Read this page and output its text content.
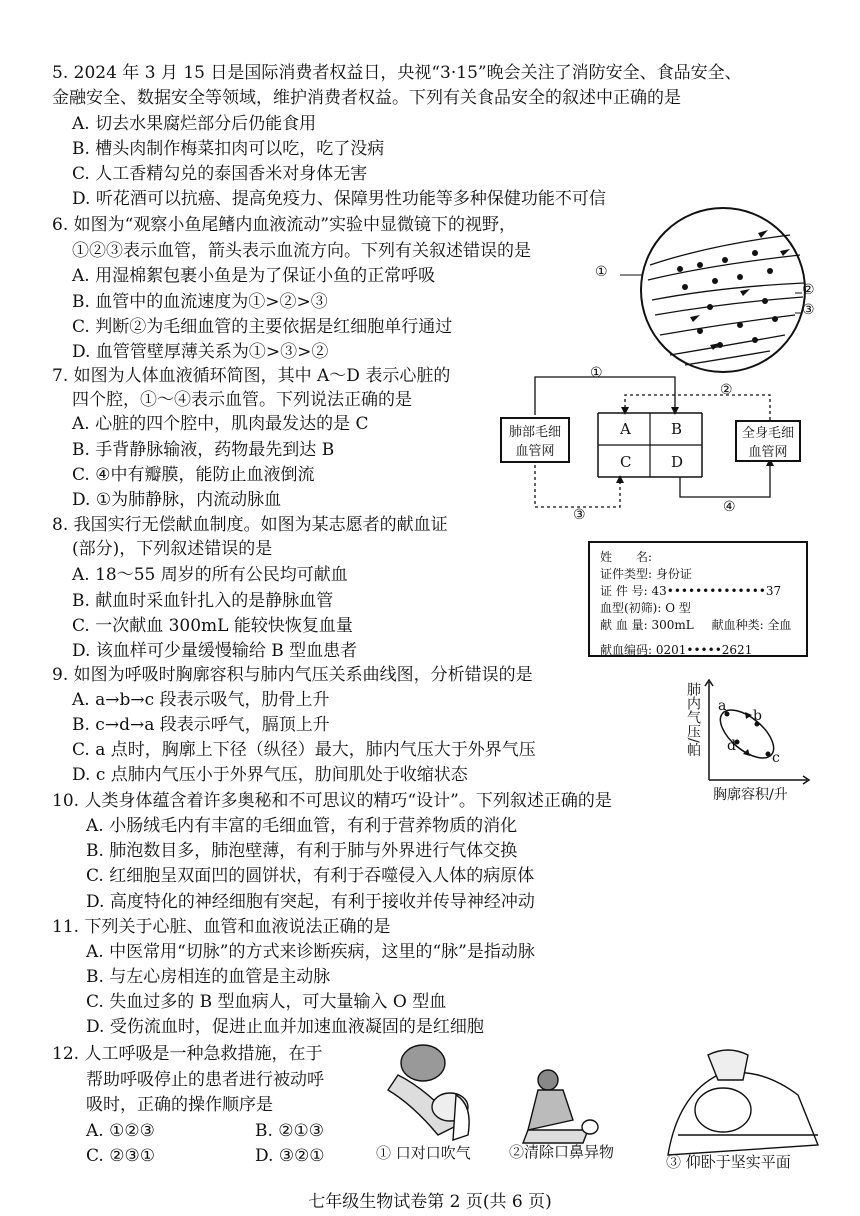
5. 2024 年 3 月 15 日是国际消费者权益日，央视“3·15”晚会关注了消防安全、食品安全、
金融安全、数据安全等领域，维护消费者权益。下列有关食品安全的叙述中正确的是
A. 切去水果腐烂部分后仍能食用
B. 槽头肉制作梅菜扣肉可以吃，吃了没病
C. 人工香精勾兑的泰国香米对身体无害
D. 听花酒可以抗癌、提高免疫力、保障男性功能等多种保健功能不可信
6. 如图为“观察小鱼尾鳍内血液流动”实验中显微镜下的视野，
①②③表示血管，箭头表示血流方向。下列有关叙述错误的是
A. 用湿棉絮包裹小鱼是为了保证小鱼的正常呼吸
B. 血管中的血流速度为①>②>③
C. 判断②为毛细血管的主要依据是红细胞单行通过
D. 血管管壁厚薄关系为①>③>②
①
②
③
7. 如图为人体血液循环简图，其中 A～D 表示心脏的
四个腔，①～④表示血管。下列说法正确的是
A. 心脏的四个腔中，肌肉最发达的是 C
B. 手背静脉输液，药物最先到达 B
C. ④中有瓣膜，能防止血液倒流
D. ①为肺静脉，内流动脉血
肺部毛细
血管网
全身毛细
血管网
A	B
C	D
①
②
③	④
8. 我国实行无偿献血制度。如图为某志愿者的献血证
(部分)，下列叙述错误的是
A. 18～55 周岁的所有公民均可献血
B. 献血时采血针扎入的是静脉血管
C. 一次献血 300mL 能较快恢复血量
D. 该血样可少量缓慢输给 B 型血患者
姓　　名:
证件类型: 身份证
证 件 号: 43••••••••••••••37
血型(初筛): O 型
献 血 量: 300mL 献血种类: 全血
献血编码: 0201•••••2621
9. 如图为呼吸时胸廓容积与肺内气压关系曲线图，分析错误的是
A. a→b→c 段表示吸气，肋骨上升
B. c→d→a 段表示呼气，膈顶上升
C. a 点时，胸廓上下径（纵径）最大，肺内气压大于外界气压
D. c 点肺内气压小于外界气压，肋间肌处于收缩状态
a
b
c
d
肺内气压/帕
胸廓容积/升
10. 人类身体蕴含着许多奥秘和不可思议的精巧“设计”。下列叙述正确的是
A. 小肠绒毛内有丰富的毛细血管，有利于营养物质的消化
B. 肺泡数目多，肺泡壁薄，有利于肺与外界进行气体交换
C. 红细胞呈双面凹的圆饼状，有利于吞噬侵入人体的病原体
D. 高度特化的神经细胞有突起，有利于接收并传导神经冲动
11. 下列关于心脏、血管和血液说法正确的是
A. 中医常用“切脉”的方式来诊断疾病，这里的“脉”是指动脉
B. 与左心房相连的血管是主动脉
C. 失血过多的 B 型血病人，可大量输入 O 型血
D. 受伤流血时，促进止血并加速血液凝固的是红细胞
12. 人工呼吸是一种急救措施，在于
帮助呼吸停止的患者进行被动呼
吸时，正确的操作顺序是
A. ①②③	B. ②①③
C. ②③①	D. ③②①	① 口对口吹气	②清除口鼻异物
③ 仰卧于坚实平面
七年级生物试卷第 2 页(共 6 页)
